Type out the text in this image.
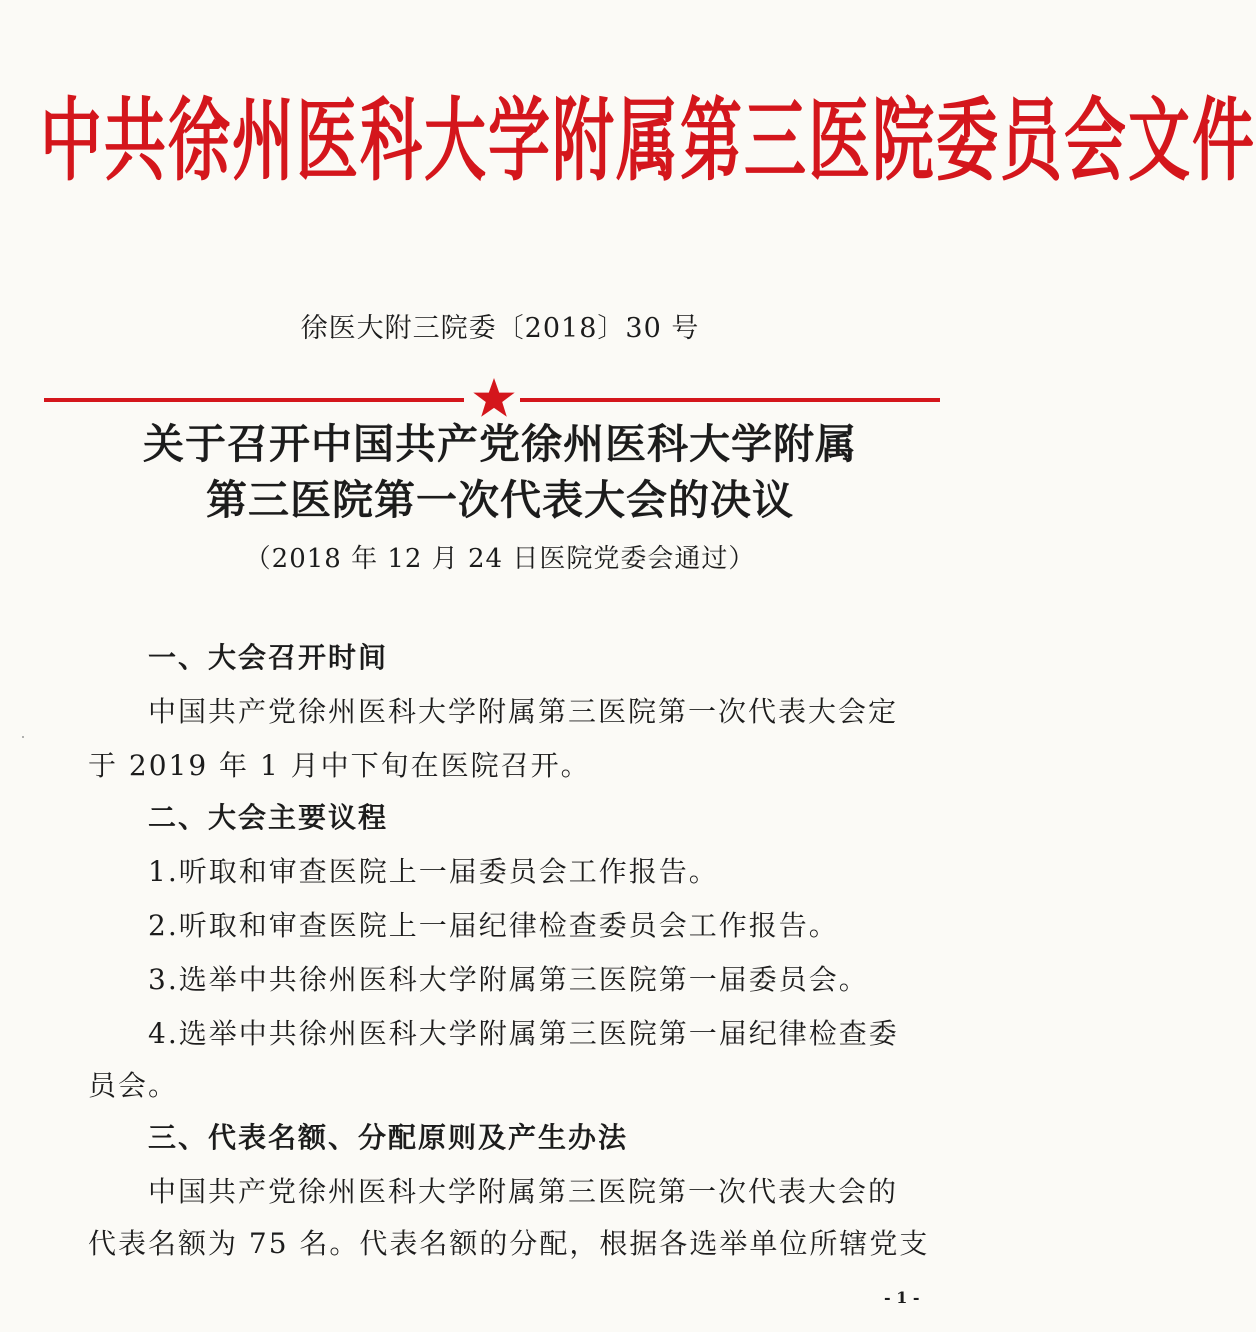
中共徐州医科大学附属第三医院委员会文件
徐医大附三院委〔2018〕30 号
关于召开中国共产党徐州医科大学附属
第三医院第一次代表大会的决议
（2018 年 12 月 24 日医院党委会通过）
一、大会召开时间
中国共产党徐州医科大学附属第三医院第一次代表大会定
于 2019 年 1 月中下旬在医院召开。
二、大会主要议程
1.听取和审查医院上一届委员会工作报告。
2.听取和审查医院上一届纪律检查委员会工作报告。
3.选举中共徐州医科大学附属第三医院第一届委员会。
4.选举中共徐州医科大学附属第三医院第一届纪律检查委
员会。
三、代表名额、分配原则及产生办法
中国共产党徐州医科大学附属第三医院第一次代表大会的
代表名额为 75 名。代表名额的分配，根据各选举单位所辖党支
- 1 -
